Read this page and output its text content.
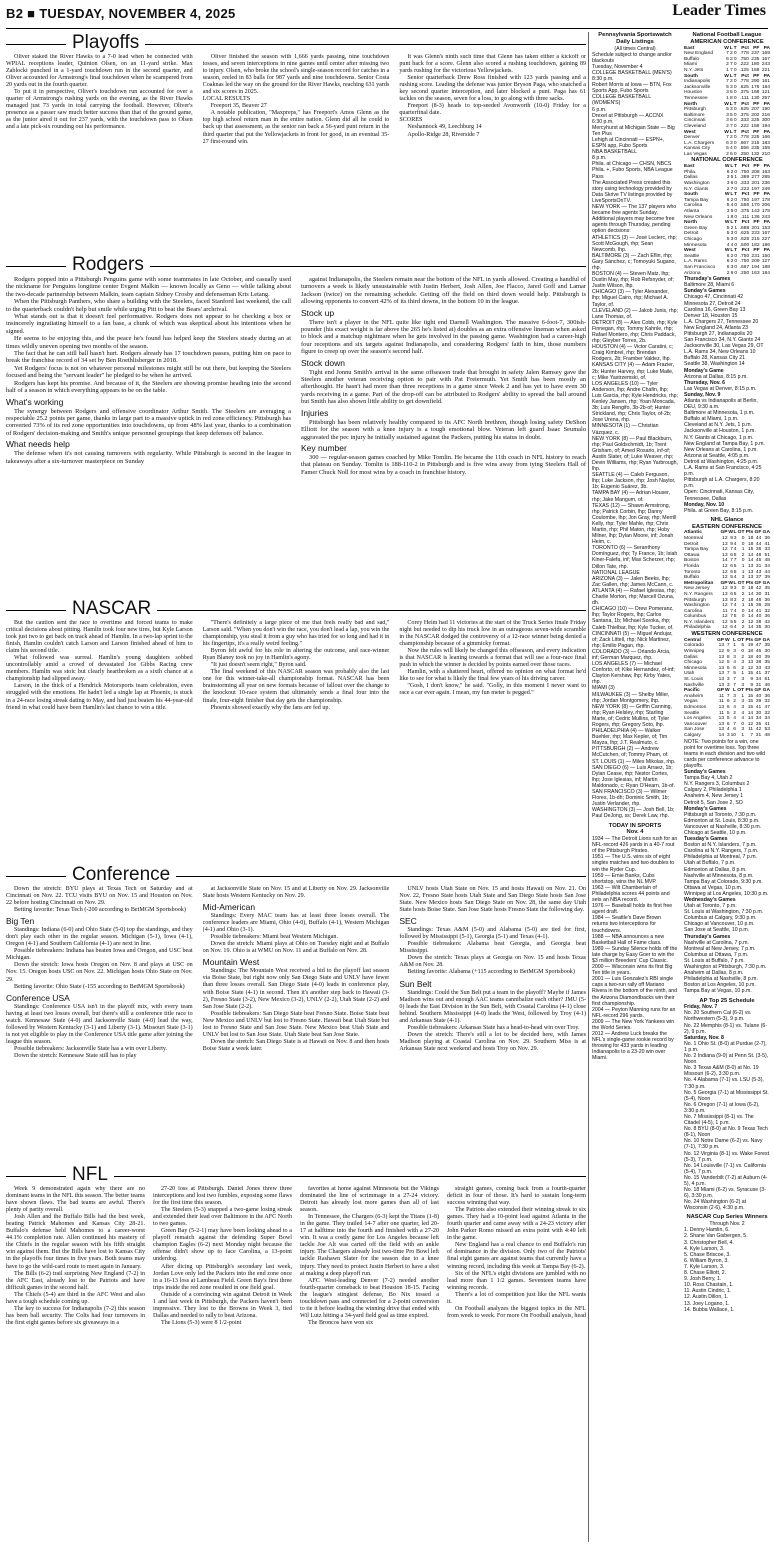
B2 ■ TUESDAY, NOVEMBER 4, 2025	Leader Times
Playoffs

Oliver staked the River Hawks to a 7-0 lead when he connected with WPIAL receptions leader, Quinton Olsen, on an 11-yard strike. Max Zablocki punched in a 1-yard touchdown run in the second quarter, and Oliver accounted for Armstrong's final touchdown when he scampered from 20 yards out in the fourth quarter.

To put it in perspective, Oliver's touchdown run accounted for over a quarter of Armstrong's rushing yards on the evening, as the River Hawks managed just 73 yards in total carrying the football. However, Oliver's presence as a passer saw much better success than that of the ground game, as the junior aired it out for 237 yards, with the touchdown pass to Olsen and a late pick-six rounding out his performance.

Oliver finished the season with 1,666 yards passing, nine touchdown tosses, and seven interceptions in nine games until center after missing two to injury. Olsen, who broke the school's single-season record for catches in a season, reeled in 83 balls for 987 yards and nine touchdowns. Senior Costa Coaknas led the way on the ground for the River Hawks, reaching 631 yards and six scores in 2025.

LOCAL RESULTS

Freeport 35, Beaver 27

A notable publication, "Maxpreps," has Freeport's Amos Glenn as the top high school return man in the entire nation. Glenn did all he could to back up that assessment, as the senior ran back a 56-yard punt return in the third quarter that put the Yellowjackets in front for good, in an eventual 35-27 first-round win.

It was Glenn's ninth such time that Glenn has taken either a kickoff or punt back for a score. Glenn also scored a rushing touchdown, gaining 89 yards rushing for the victorious Yellowjackets.

Senior quarterback Drew Ross finished with 123 yards passing and a rushing score. Leading the defense was junior Bryson Paga, who snatched a key second quarter interception, and later blocked a punt. Paga has 61 tackles on the season, seven for a loss, to go along with three sacks.

Freeport (8-3) heads to top-seeded Avonworth (10-0) Friday for a quarterfinal date.

SCORES

Neshannock 49, Leechburg 14

Apollo-Ridge 28, Riverside 7

Rodgers

Rodgers popped into a Pittsburgh Penguins game with some teammates in late October, and casually used the nickname for Penguins longtime center Evgeni Malkin — known locally as Geno — while talking about the two-decade partnership between Malkin, team captain Sidney Crosby and defenseman Kris Letang.

When the Pittsburgh Panthers, who share a building with the Steelers, faced Stanford last weekend, the call to the quarterback couldn't help but smile while urging Pitt to beat the Bears' archrival.

What stands out is that it doesn't feel performative. Rodgers does not appear to be checking a box or insincerely ingratiating himself to a fan base, a chunk of which was skeptical about his intentions when he signed.

He seems to be enjoying this, and the peace he's found has helped keep the Steelers steady during an at times wildly uneven opening two months of the season.

The fact that he can still ball hasn't hurt. Rodgers already has 17 touchdown passes, putting him on pace to break the franchise record of 34 set by Ben Roethlisberger in 2018.

Yet Rodgers' focus is not on whatever personal milestones might still be out there, but keeping the Steelers focused and being the "servant leader" he pledged to be when he arrived.

Rodgers has kept his promise. And because of it, the Steelers are showing promise heading into the second half of a season in which everything appears to be on the table.

What's working

The synergy between Rodgers and offensive coordinator Arthur Smith. The Steelers are averaging a respectable 25.2 points per game, thanks in large part to a massive uptick in red zone efficiency. Pittsburgh has converted 73% of its red zone opportunities into touchdowns, up from 48% last year, thanks to a combination of Rodgers' decision-making and Smith's unique personnel groupings that keep defenses off balance.

What needs help

The defense when it's not causing turnovers with regularity. While Pittsburgh is second in the league in takeaways after a six-turnover masterpiece on Sunday

against Indianapolis, the Steelers remain near the bottom of the NFL in yards allowed. Creating a handful of turnovers a week is likely unsustainable with Justin Herbert, Josh Allen, Joe Flacco, Jared Goff and Lamar Jackson (twice) on the remaining schedule. Getting off the field on third down would help. Pittsburgh is allowing opponents to convert 42% of its third downs, in the bottom 10 in the league.

Stock up

There isn't a player in the NFL quite like tight end Darnell Washington. The massive 6-foot-7, 300ish-pounder (his exact weight is far above the 265 he's listed at) doubles as an extra offensive lineman when asked to block and a matchup nightmare when he gets involved in the passing game. Washington had a career-high four receptions and six targets against Indianapolis, and considering Rodgers' faith in him, those numbers figure to creep up over the season's second half.

Stock down

Tight end Jonnu Smith's arrival in the same offseason trade that brought in safety Jalen Ramsey gave the Steelers another veteran receiving option to pair with Pat Freiermuth. Yet Smith has been mostly an afterthought. He hasn't had more than three receptions in a game since Week 2 and has yet to have even 30 yards receiving in a game. Part of the drop-off can be attributed to Rodgers' ability to spread the ball around but Smith has also shown little ability to get downfield.

Injuries

Pittsburgh has been relatively healthy compared to its AFC North brethren, though losing safety DeShon Elliott for the season with a knee injury is a tough emotional blow. Veteran left guard Isaac Seumalo aggravated the pec injury he initially sustained against the Packers, putting his status in doubt.

Key number

300 — regular-season games coached by Mike Tomlin. He became the 11th coach in NFL history to reach that plateau on Sunday. Tomlin is 188-110-2 in Pittsburgh and is five wins away from tying Steelers Hall of Famer Chuck Noll for most wins by a coach in franchise history.

NASCAR

But the caution sent the race to overtime and forced teams to make critical decisions about pitting. Hamlin took four new tires, but Kyle Larson took just two to get back on track ahead of Hamlin. In a two-lap sprint to the finish, Hamlin couldn't catch Larson and Larson finished ahead of him to claim his second title.

What followed was surreal. Hamlin's young daughters sobbed uncontrollably amid a crowd of devastated Joe Gibbs Racing crew members. Hamlin was stoic but clearly heartbroken as a sixth chance at a championship had slipped away.

Larson, in the thick of a Hendrick Motorsports team celebration, even struggled with the emotions. He hadn't led a single lap at Phoenix, is stuck in a 24-race losing streak dating to May, and had just beaten his 44-year-old friend in what could have been Hamlin's last chance to win a title.

"There's definitely a large piece of me that feels really bad and sad," Larson said. "When you don't win the race, you don't lead a lap, you win the championship, you steal it from a guy who has tried for so long and had it in his fingertips, it's a really weird feeling."

Byron felt awful for his role in altering the outcome, and race-winner Ryan Blaney took no joy in Hamlin's agony.

"It just doesn't seem right," Byron said.

The final weekend of this NASCAR season was probably also the last one for this winner-take-all championship format. NASCAR has been brainstorming all year on new formats because of fallout over the change to the knockout 10-race system that ultimately sends a final four into the finale, four-eight finisher that day gets the championship.

Phoenix showed exactly why the fans are fed up.

Corey Heim had 11 victories at the start of the Truck Series finale Friday night but needed to dip his truck low in an outrageous seven-wide scramble in the NASCAR dodged the controversy of a 12-race winner being denied a championship because of a gimmicky format.

Now the rules will likely be changed this offseason, and every indication is that NASCAR is leaning towards a format that will use a four-race final push in which the winner is decided by points earned over those races.

Hamlin, with a shattered heart, offered no opinion on what format he'd like to see for what is likely the final few years of his driving career.

"Gosh, I don't know," he said. "Golly, in this moment I never want to race a car ever again. I mean, my fun meter is pegged."

Conference

Down the stretch: BYU plays at Texas Tech on Saturday and at Cincinnati on Nov. 22. TCU visits BYU on Nov. 15 and Houston on Nov. 22 before hosting Cincinnati on Nov. 29.

Betting favorite: Texas Tech (-200 according to BetMGM Sportsbook)

Big Ten

Standings: Indiana (6-0) and Ohio State (5-0) top the standings, and they don't play each other in the regular season. Michigan (5-1), Iowa (4-1), Oregon (4-1) and Southern California (4-1) are next in line.

Possible tiebreakers: Indiana has beaten Iowa and Oregon, and USC beat Michigan.

Down the stretch: Iowa hosts Oregon on Nov. 8 and plays at USC on Nov. 15. Oregon hosts USC on Nov. 22. Michigan hosts Ohio State on Nov. 29.

Betting favorite: Ohio State (-155 according to BetMGM Sportsbook)

Conference USA

Standings: Conference USA isn't in the playoff mix, with every team having at least two losses overall, but there's still a conference title race to watch. Kennesaw State (4-0) and Jacksonville State (4-0) lead the way, followed by Western Kentucky (3-1) and Liberty (3-1). Missouri State (3-1) is not yet eligible to play in the Conference USA title game after joining the league this season.

Possible tiebreakers: Jacksonville State has a win over Liberty.

Down the stretch: Kennesaw State still has to play

at Jacksonville State on Nov. 15 and at Liberty on Nov. 29. Jacksonville State hosts Western Kentucky on Nov. 29.

Mid-American

Standings: Every MAC team has at least three losses overall. The conference leaders are Miami, Ohio (4-0), Buffalo (4-1), Western Michigan (4-1) and Ohio (3-1).

Possible tiebreakers: Miami beat Western Michigan.

Down the stretch: Miami plays at Ohio on Tuesday night and at Buffalo on Nov. 19. Ohio is at WMU on Nov. 11 and at Buffalo on Nov. 28.

Mountain West

Standings: The Mountain West received a bid to the playoff last season via Boise State, but right now only San Diego State and UNLV have fewer than three losses overall. San Diego State (4-0) leads in conference play, with Boise State (4-1) in second. Then it's another step back to Hawaii (3-2), Fresno State (3-2), New Mexico (3-2), UNLV (2-2), Utah State (2-2) and San Jose State (2-2).

Possible tiebreakers: San Diego State beat Fresno State. Boise State beat New Mexico and UNLV but lost to Fresno State. Hawaii beat Utah State but lost to Fresno State and San Jose State. New Mexico beat Utah State and UNLV but lost to San Jose State. Utah State beat San Jose State.

Down the stretch: San Diego State is at Hawaii on Nov. 8 and then hosts Boise State a week later.

UNLV hosts Utah State on Nov. 15 and hosts Hawaii on Nov. 21. On Nov. 22, Fresno State hosts Utah State and San Diego State hosts San Jose State. New Mexico hosts San Diego State on Nov. 28, the same day Utah State hosts Boise State. San Jose State hosts Fresno State the following day.

SEC

Standings: Texas A&M (5-0) and Alabama (5-0) are tied for first, followed by Mississippi (5-1), Georgia (5-1) and Texas (4-1).

Possible tiebreakers: Alabama beat Georgia, and Georgia beat Mississippi.

Down the stretch: Texas plays at Georgia on Nov. 15 and hosts Texas A&M on Nov. 28.

Betting favorite: Alabama (+115 according to BetMGM Sportsbook)

Sun Belt

Standings: Could the Sun Belt put a team in the playoff? Maybe if James Madison wins out and enough AAC teams cannibalize each other? JMU (5-0) leads the East Division in the Sun Belt, with Coastal Carolina (4-1) close behind. Southern Mississippi (4-0) leads the West, followed by Troy (4-1) and Arkansas State (4-1).

Possible tiebreakers: Arkansas State has a head-to-head win over Troy.

Down the stretch: There's still a lot to be decided here, with James Madison playing at Coastal Carolina on Nov. 29. Southern Miss is at Arkansas State next weekend and hosts Troy on Nov. 29.

NFL

Week 9 demonstrated again why there are no dominant teams in the NFL this season. The better teams have shown flaws. The bad teams are awful. There's plenty of parity overall.

Josh Allen and the Buffalo Bills had the best week, beating Patrick Mahomes and Kansas City 28-21. Buffalo's defense held Mahomes to a career-worst 44.1% completion rate. Allen continued his mastery of the Chiefs in the regular season with his fifth straight win against them. But the Bills have lost to Kansas City in the playoffs four times in five years. Both teams may have to go the wild-card route to meet again in January.

The Bills (6-2) trail surprising New England (7-2) in the AFC East, already lost to the Patriots and have difficult games in the second half.

The Chiefs (5-4) are third in the AFC West and also have a tough schedule coming up.

The key to success for Indianapolis (7-2) this season has been ball security. The Colts had four turnovers in the first eight games before six giveaways in a

27-20 loss at Pittsburgh. Daniel Jones threw three interceptions and lost two fumbles, exposing some flaws for the first time this season.

The Steelers (5-3) snapped a two-game losing streak and extended their lead over Baltimore in the AFC North to two games.

Green Bay (5-2-1) may have been looking ahead to a playoff rematch against the defending Super Bowl champion Eagles (6-2) next Monday night because the offense didn't show up to face Carolina, a 13-point underdog.

After dicing up Pittsburgh's secondary last week, Jordan Love only led the Packers into the end zone once in a 16-13 loss at Lambeau Field. Green Bay's first three trips inside the red zone resulted in one field goal.

Outside of a convincing win against Detroit in Week 1 and last week in Pittsburgh, the Packers haven't been impressive. They lost to the Browns in Week 3, tied Dallas and needed to rally to beat Arizona.

The Lions (5-3) were 8 1/2-point

favorites at home against Minnesota but the Vikings dominated the line of scrimmage in a 27-24 victory. Detroit has already lost more games than all of last season.

In Tennessee, the Chargers (6-3) kept the Titans (1-8) in the game. They trailed 14-7 after one quarter, led 20-17 at halftime into the fourth and finished with a 27-20 win. It was a costly game for Los Angeles because left tackle Joe Alt was carted off the field with an ankle injury. The Chargers already lost two-time Pro Bowl left tackle Rashawn Slater for the season due to a knee injury. They need to protect Justin Herbert to have a shot at making a deep playoff run.

AFC West-leading Denver (7-2) needed another fourth-quarter comeback to beat Houston 18-15. Facing the league's stingiest defense, Bo Nix tossed a touchdown pass and connected for a 2-point conversion to tie it before leading the winning drive that ended with Wil Lutz hitting a 34-yard field goal as time expired.

The Broncos have won six

straight games, coming back from a fourth-quarter deficit in four of those. It's hard to sustain long-term success winning that way.

The Patriots also extended their winning streak to six games. They had a 10-point lead against Atlanta in the fourth quarter and came away with a 24-23 victory after John Parker Romo missed an extra point with 4:40 left in the game.

New England has a real chance to end Buffalo's run of dominance in the division. Only two of the Patriots' final eight games are against teams that currently have a winning record, including this week at Tampa Bay (6-2).

Six of the NFL's eight divisions are jumbled with no lead more than 1 1/2 games. Seventeen teams have winning records.

There's a lot of competition just like the NFL wants it.

On Football analyzes the biggest topics in the NFL from week to week. For more On Football analysis, head

Pennsylvania Sportswatch
Daily Listings
(All times Central)

Schedule subject to change and/or blackouts

Tuesday, November 4

COLLEGE BASKETBALL (MEN'S)

8:30 p.m.

Robert Morris at Iowa — BTN, Fox Sports App, Fubo Sports

COLLEGE BASKETBALL (WOMEN'S)

6 p.m.

Drexel at Pittsburgh — ACCNX

6:30 p.m.

Mercyhurst at Michigan State — Big Ten Plus

Lehigh at Cincinnati — ESPN+, ESPN app, Fubo Sports

NBA BASKETBALL

8 p.m.

Phila. at Chicago — CHSN, NBCS Phila. +, Fubo Sports, NBA League Pass

The Associated Press created this story using technology provided by Data Skrive TV listings provided by LiveSportsOnTV.

NEW YORK — The 137 players who became free agents Sunday. Additional players may become free agents through Thursday, pending option decisions:

ATHLETICS (3) — José Leclerc, rhp; Scott McGough, rhp; Sean Newcomb, lhp.

BALTIMORE (3) — Zach Eflin, rhp; Gary Sánchez, c; Tomoyuki Sugano, rhp.

BOSTON (4) — Steven Matz, lhp; Dustin May, rhp; Rob Refsnyder, of; Justin Wilson, lhp.

CHICAGO (3) — Tyler Alexander, lhp; Miguel Cairo, rhp; Michael A. Taylor, of.

CLEVELAND (2) — Jakob Junis, rhp; Lane Thomas, of.

DETROIT (8) — Alex Cobb, rhp; Kyle Finnegan, rhp; Tommy Kahnle, rhp; Rafael Montero, rhp; Chris Paddack, rhp; Gleyber Torres, 2b.

HOUSTON (4) — Victor Caratini, c; Craig Kimbrel, rhp; Brendan Rodgers, 2b; Framber Valdez, lhp.

KANSAS CITY (4) — Adam Frazier, 2b; Hunter Harvey, rhp; Luke Maile, c; Mike Yastrzemski, of.

LOS ANGELES (10) — Tyler Anderson, lhp; Andre Chafin, lhp; Luis Garcia, rhp; Kyle Hendricks, rhp; Kenley Jansen, rhp; Yoan Moncada, 3b; Luis Rengifo, 3b-2b-of; Hunter Strickland, rhp; Chris Taylor, of-2b; Jose Urena, rhp.

MINNESOTA (1) — Christian Vázquez, c.

NEW YORK (8) — Paul Blackburn, rhp; Paul Goldschmidt, 1b; Trent Grisham, of; Amed Rosario, inf-of; Austin Slater, of; Luke Weaver, rhp; Devin Williams, rhp; Ryan Yarbrough, lhp.

SEATTLE (4) — Caleb Ferguson, lhp; Luke Jackson, rhp; Josh Naylor, 1b; Eugenio Suárez, 3b.

TAMPA BAY (4) — Adrian Houser, rhp; Jake Mangum, of.

TEXAS (12) — Shawn Armstrong, rhp; Patrick Corbin, lhp; Danny Coulombe, lhp; Jon Gray, rhp; Merrill Kelly, rhp; Tyler Mahle, rhp; Chris Martin, rhp; Phil Maton, rhp; Hoby Milner, lhp; Dylan Moore, inf; Jonah Heim, c.

TORONTO (6) — Seranthony Domínguez, rhp; Ty France, 1b; Isiah Kiner-Falefa, inf; Max Scherzer, rhp; Dillon Tate, rhp.

NATIONAL LEAGUE

ARIZONA (3) — Jalen Beeks, lhp; Zac Gallen, rhp; James McCann, c.

ATLANTA (4) — Rafael Iglesias, rhp; Charlie Morton, rhp; Marcell Ozuna, dh.

CHICAGO (10) — Drew Pomeranz, lhp; Taylor Rogers, lhp; Carlos Santana, 1b; Michael Soroka, rhp; Caleb Thielbar, lhp; Kyle Tucker, of.

CINCINNATI (5) — Miguel Andujar, of; Zack Littell, rhp; Nick Martinez, rhp; Emilio Pagan, rhp.

COLORADO (3) — Orlando Arcia, inf; German Marquez, rhp.

LOS ANGELES (7) — Michael Conforto, of; Kike Hernandez, of-inf; Clayton Kershaw, lhp; Kirby Yates, rhp.

MIAMI (3)

MILWAUKEE (3) — Shelby Miller, rhp; Jordan Montgomery, lhp.

NEW YORK (8) — Griffin Canning, rhp; Ryan Helsley, rhp; Starling Marte, of; Cedric Mullins, of; Tyler Rogers, rhp; Gregory Soto, lhp.

PHILADELPHIA (4) — Walker Buehler, rhp; Max Kepler, of; Tim Mayza, lhp; J.T. Realmuto, c.

PITTSBURGH (2) — Andrew McCutchen, of; Tommy Pham, of.

ST. LOUIS (1) — Miles Mikolas, rhp.

SAN DIEGO (6) — Luis Arraez, 1b; Dylan Cease, rhp; Nestor Cortes, lhp; Jose Iglesias, inf; Martin Maldonado, c; Ryan O'Hearn, 1b-of.

SAN FRANCISCO (3) — Wilmer Flores, 1b-dh; Dominic Smith, 1b; Justin Verlander, rhp.

WASHINGTON (3) — Josh Bell, 1b; Paul DeJong, ss; Derek Law, rhp.

TODAY IN SPORTS
Nov. 4

1934 — The Detroit Lions rush for an NFL-record 426 yards in a 40-7 rout of the Pittsburgh Pirates.

1951 — The U.S. wins six of eight singles matches and two doubles to win the Ryder Cup.

1959 — Ernie Banks, Cubs shortstop, wins the NL MVP.

1963 — Wilt Chamberlain of Philadelphia scores 44 points and sets an NBA record.

1976 — Baseball holds its first free agent draft.

1984 — Seattle's Dave Brown returns two interceptions for touchdowns.

1988 — NBA announces a new Basketball Hall of Fame class.

1989 — Sunday Silence holds off the late charge by Easy Goer to win the $3 million Breeders' Cup Classic.

2000 — Wisconsin wins its first Big Ten title in years.

2001 — Luis Gonzalez's RBI single caps a two-run rally off Mariano Rivera in the bottom of the ninth, and the Arizona Diamondbacks win their first championship.

2004 — Peyton Manning runs for an NFL-record 296 yards.

2009 — The New York Yankees win the World Series.

2012 — Andrew Luck breaks the NFL's single-game rookie record by throwing for 433 yards in leading Indianapolis to a 23-20 win over Miami.

National Football League
AMERICAN CONFERENCE
East	W	L	T	Pct	PF	PA
New England	7	2	0	.778	237	169
Buffalo	6	2	0	.750	235	167
Miami	2	7	0	.222	180	243
N.Y. Jets	1	7	0	.125	168	221
South	W	L	T	Pct	PF	PA
Indianapolis	7	2	0	.778	290	161
Jacksonville	5	3	0	.625	176	184
Houston	3	5	0	.375	168	121
Tennessee	1	8	0	.111	130	257
North	W	L	T	Pct	PF	PA
Pittsburgh	5	3	0	.625	207	190
Baltimore	3	5	0	.375	202	216
Cincinnati	3	6	0	.333	225	300
Cleveland	2	7	0	.222	158	194
West	W	L	T	Pct	PF	PA
Denver	7	2	0	.778	225	166
L.A. Chargers	6	3	0	.667	215	183
Kansas City	5	4	0	.556	235	159
Las Vegas	2	6	0	.250	132	210
NATIONAL CONFERENCE
East	W	L	T	Pct	PF	PA
Phila.	6	2	0	.750	208	163
Dallas	3	5	1	.389	277	285
Washington	3	6	0	.333	201	236
N.Y. Giants	2	7	0	.222	197	249
South	W	L	T	Pct	PF	PA
Tampa Bay	6	2	0	.750	197	178
Carolina	5	4	0	.556	170	206
Atlanta	3	5	0	.375	143	178
New Orleans	1	8	0	.111	136	243
North	W	L	T	Pct	PF	PA
Green Bay	5	2	1	.688	201	153
Detroit	5	3	0	.625	233	167
Chicago	5	3	0	.625	215	227
Minnesota	4	4	0	.500	182	186
West	W	L	T	Pct	PF	PA
Seattle	6	2	0	.750	231	150
L.A. Rams	6	2	0	.750	209	127
San Francisco	6	3	0	.667	194	188
Arizona	2	6	0	.250	163	184

Thursday's Games

Baltimore 28, Miami 6

Sunday's Games

Chicago 47, Cincinnati 42

Minnesota 27, Detroit 24

Carolina 16, Green Bay 13

Denver 18, Houston 15

L.A. Chargers 27, Tennessee 20

New England 24, Atlanta 23

Pittsburgh 27, Indianapolis 20

San Francisco 34, N.Y. Giants 24

Jacksonville 30, Las Vegas 29, OT

L.A. Rams 34, New Orleans 10

Buffalo 28, Kansas City 21

Seattle 38, Washington 14

Monday's Game

Arizona at Dallas, 8:15 p.m.

Thursday, Nov. 6

Las Vegas at Denver, 8:15 p.m.

Sunday, Nov. 9

Atlanta vs Indianapolis at Berlin, DEU, 9:30 a.m.

Baltimore at Minnesota, 1 p.m.

Buffalo at Miami, 1 p.m.

Cleveland at N.Y. Jets, 1 p.m.

Jacksonville at Houston, 1 p.m.

N.Y. Giants at Chicago, 1 p.m.

New England at Tampa Bay, 1 p.m.

New Orleans at Carolina, 1 p.m.

Arizona at Seattle, 4:05 p.m.

Detroit at Washington, 4:25 p.m.

L.A. Rams at San Francisco, 4:25 p.m.

Pittsburgh at L.A. Chargers, 8:20 p.m.

Open: Cincinnati, Kansas City, Tennessee, Dallas

Monday, Nov. 10

Phila. at Green Bay, 8:15 p.m.

NHL Glance
EASTERN CONFERENCE
Atlantic	GP	W	L	OT	Pts	GF	GA
Montreal	12	9	3	0	18	44	36
Detroit	13	9	4	0	18	44	41
Tampa Bay	12	7	4	1	15	35	33
Ottawa	13	6	5	2	14	48	51
Boston	14	7	7	0	14	45	48
Florida	12	6	5	1	13	31	34
Toronto	12	6	5	1	13	43	44
Buffalo	12	5	4	3	13	37	39
Metropolitan	GP	W	L	OT	Pts	GF	GA
New Jersey	12	9	3	0	18	42	35
N.Y. Rangers	13	6	5	2	14	30	31
Pittsburgh	13	8	3	2	18	46	36
Washington	12	7	4	1	15	36	28
Carolina	11	7	4	0	14	41	32
Columbus	12	7	5	0	14	40	36
N.Y. Islanders	12	5	5	2	12	38	42
Philadelphia	12	6	4	2	14	35	30
WESTERN CONFERENCE
Central	GP	W	L	OT	Pts	GF	GA
Colorado	13	7	1	5	19	47	35
Winnipeg	12	9	3	0	18	45	30
Dallas	13	8	3	2	18	40	39
Chicago	12	5	4	3	13	38	35
Minnesota	13	5	6	2	12	33	43
Utah	13	7	5	1	15	41	37
St. Louis	13	3	7	3	9	34	51
Nashville	13	3	7	3	9	31	46
Pacific	GP	W	L	OT	Pts	GF	GA
Anaheim	11	7	3	1	15	40	36
Vegas	11	6	2	3	15	39	32
Edmonton	13	6	4	3	15	41	47
Seattle	11	5	2	4	14	30	32
Los Angeles	13	5	4	4	14	34	34
Vancouver	13	6	7	0	12	35	41
San Jose	13	4	6	3	11	42	53
Calgary	14	3	10	1	7	31	48

NOTE: Two points for a win, one point for overtime loss. Top three teams in each division and two wild cards per conference advance to playoffs.

Sunday's Games

Tampa Bay 4, Utah 2

N.Y. Rangers 3, Columbus 2

Calgary 2, Philadelphia 1

Anaheim 4, New Jersey 1

Detroit 5, San Jose 2, SO

Monday's Games

Pittsburgh at Toronto, 7:30 p.m.

Edmonton at St. Louis, 8:30 p.m.

Vancouver at Nashville, 8:30 p.m.

Chicago at Seattle, 10 p.m.

Tuesday's Games

Boston at N.Y. Islanders, 7 p.m.

Carolina at N.Y. Rangers, 7 p.m.

Philadelphia at Montreal, 7 p.m.

Utah at Buffalo, 7 p.m.

Edmonton at Dallas, 8 p.m.

Nashville at Minnesota, 8 p.m.

Tampa Bay at Colorado, 9:30 p.m.

Ottawa at Vegas, 10 p.m.

Winnipeg at Los Angeles, 10:30 p.m.

Wednesday's Games

Utah at Toronto, 7 p.m.

St. Louis at Washington, 7:30 p.m.

Columbus at Calgary, 9:30 p.m.

Chicago at Vancouver, 10 p.m.

San Jose at Seattle, 10 p.m.

Thursday's Games

Nashville at Carolina, 7 p.m.

Montreal at New Jersey, 7 p.m.

Columbus at Ottawa, 7 p.m.

St. Louis at Buffalo, 7 p.m.

Washington at Pittsburgh, 7:30 p.m.

Anaheim at Dallas, 8 p.m.

Philadelphia at Nashville, 8 p.m.

Boston at Los Angeles, 10 p.m.

Tampa Bay at Vegas, 10 p.m.

AP Top 25 Schedule

Friday, Nov. 7

No. 20 Southern Cal (6-2) vs. Northwestern (5-3), 9 p.m.

No. 22 Memphis (8-1) vs. Tulane (6-2), 9 p.m.

Saturday, Nov. 8

No. 1 Ohio St. (8-0) at Purdue (2-7), 1 p.m.

No. 2 Indiana (9-0) at Penn St. (3-5), Noon

No. 3 Texas A&M (8-0) at No. 19 Missouri (6-2), 3:30 p.m.

No. 4 Alabama (7-1) vs. LSU (5-3), 7:30 p.m.

No. 5 Georgia (7-1) at Mississippi St. (5-4), Noon

No. 6 Oregon (7-1) at Iowa (6-2), 3:30 p.m.

No. 7 Mississippi (8-1) vs. The Citadel (4-5), 1 p.m.

No. 8 BYU (8-0) at No. 9 Texas Tech (8-1), Noon

No. 10 Notre Dame (6-2) vs. Navy (7-1), 7:30 p.m.

No. 12 Virginia (8-1) vs. Wake Forest (5-3), 7 p.m.

No. 14 Louisville (7-1) vs. California (5-4), 7 p.m.

No. 15 Vanderbilt (7-2) at Auburn (4-5), 4 p.m.

No. 18 Miami (6-2) vs. Syracuse (3-6), 3:30 p.m.

No. 24 Washington (6-2) at Wisconsin (2-6), 4:30 p.m.

NASCAR Cup Series Winners
Through Nov. 2

1. Denny Hamlin, 6.

2. Shane Van Gisbergen, 5.

3. Christopher Bell, 4.

4. Kyle Larson, 3.

5. Chase Briscoe, 3.

6. William Byron, 3.

7. Kyle Larson, 3.

8. Chase Elliott, 2.

9. Josh Berry, 1.

10. Ross Chastain, 1.

11. Austin Cindric, 1.

12. Austin Dillon, 1.

13. Joey Logano, 1.

14. Bubba Wallace, 1.
